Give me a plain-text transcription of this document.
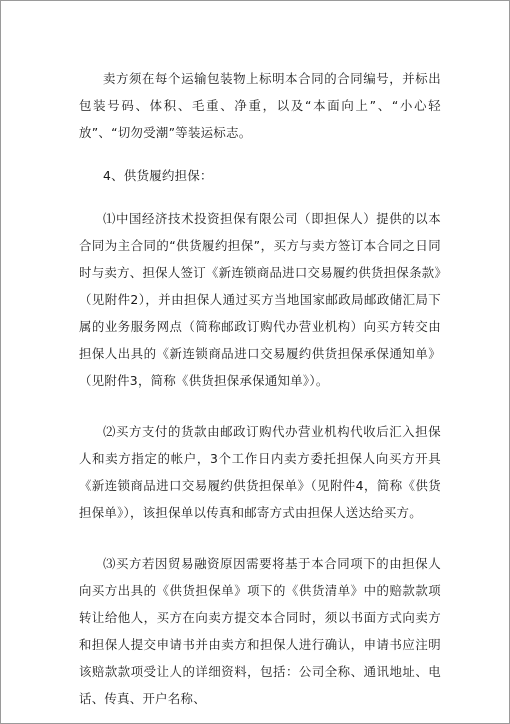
卖方须在每个运输包装物上标明本合同的合同编号，并标出包装号码、体积、毛重、净重，以及“本面向上”、“小心轻放”、“切勿受潮”等装运标志。

4、供货履约担保：

⑴中国经济技术投资担保有限公司（即担保人）提供的以本合同为主合同的“供货履约担保”，买方与卖方签订本合同之日同时与卖方、担保人签订《新连锁商品进口交易履约供货担保条款》（见附件2），并由担保人通过买方当地国家邮政局邮政储汇局下属的业务服务网点（简称邮政订购代办营业机构）向买方转交由担保人出具的《新连锁商品进口交易履约供货担保承保通知单》（见附件3，简称《供货担保承保通知单》）。

⑵买方支付的货款由邮政订购代办营业机构代收后汇入担保人和卖方指定的帐户，3个工作日内卖方委托担保人向买方开具《新连锁商品进口交易履约供货担保单》（见附件4，简称《供货担保单》），该担保单以传真和邮寄方式由担保人送达给买方。

⑶买方若因贸易融资原因需要将基于本合同项下的由担保人向买方出具的《供货担保单》项下的《供货清单》中的赔款款项转让给他人，买方在向卖方提交本合同时，须以书面方式向卖方和担保人提交申请书并由卖方和担保人进行确认，申请书应注明该赔款款项受让人的详细资料，包括：公司全称、通讯地址、电话、传真、开户名称、
